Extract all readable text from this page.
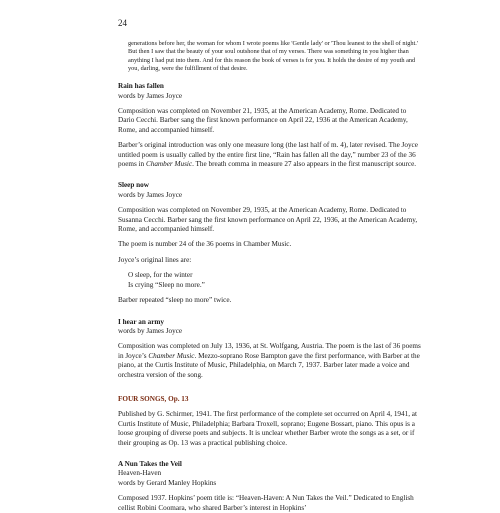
24

generations before her, the woman for whom I wrote poems like 'Gentle lady' or 'Thou leanest to the shell of night.' But then I saw that the beauty of your soul outshone that of my verses. There was something in you higher than anything I had put into them. And for this reason the book of verses is for you. It holds the desire of my youth and you, darling, were the fulfillment of that desire.

Rain has fallen

words by James Joyce

Composition was completed on November 21, 1935, at the American Academy, Rome. Dedicated to Dario Cecchi. Barber sang the first known performance on April 22, 1936 at the American Academy, Rome, and accompanied himself.

Barber’s original introduction was only one measure long (the last half of m. 4), later revised. The Joyce untitled poem is usually called by the entire first line, “Rain has fallen all the day,” number 23 of the 36 poems in Chamber Music. The breath comma in measure 27 also appears in the first manuscript source.

Sleep now

words by James Joyce

Composition was completed on November 29, 1935, at the American Academy, Rome. Dedicated to Susanna Cecchi. Barber sang the first known performance on April 22, 1936, at the American Academy, Rome, and accompanied himself.

The poem is number 24 of the 36 poems in Chamber Music.

Joyce’s original lines are:

O sleep, for the winter
Is crying “Sleep no more.”

Barber repeated “sleep no more” twice.

I hear an army

words by James Joyce

Composition was completed on July 13, 1936, at St. Wolfgang, Austria. The poem is the last of 36 poems in Joyce’s Chamber Music. Mezzo-soprano Rose Bampton gave the first performance, with Barber at the piano, at the Curtis Institute of Music, Philadelphia, on March 7, 1937. Barber later made a voice and orchestra version of the song.

FOUR SONGS, Op. 13

Published by G. Schirmer, 1941. The first performance of the complete set occurred on April 4, 1941, at Curtis Institute of Music, Philadelphia; Barbara Troxell, soprano; Eugene Bossart, piano. This opus is a loose grouping of diverse poets and subjects. It is unclear whether Barber wrote the songs as a set, or if their grouping as Op. 13 was a practical publishing choice.

A Nun Takes the Veil

Heaven-Haven

words by Gerard Manley Hopkins

Composed 1937. Hopkins’ poem title is: “Heaven-Haven: A Nun Takes the Veil.” Dedicated to English cellist Robini Coomara, who shared Barber’s interest in Hopkins’
